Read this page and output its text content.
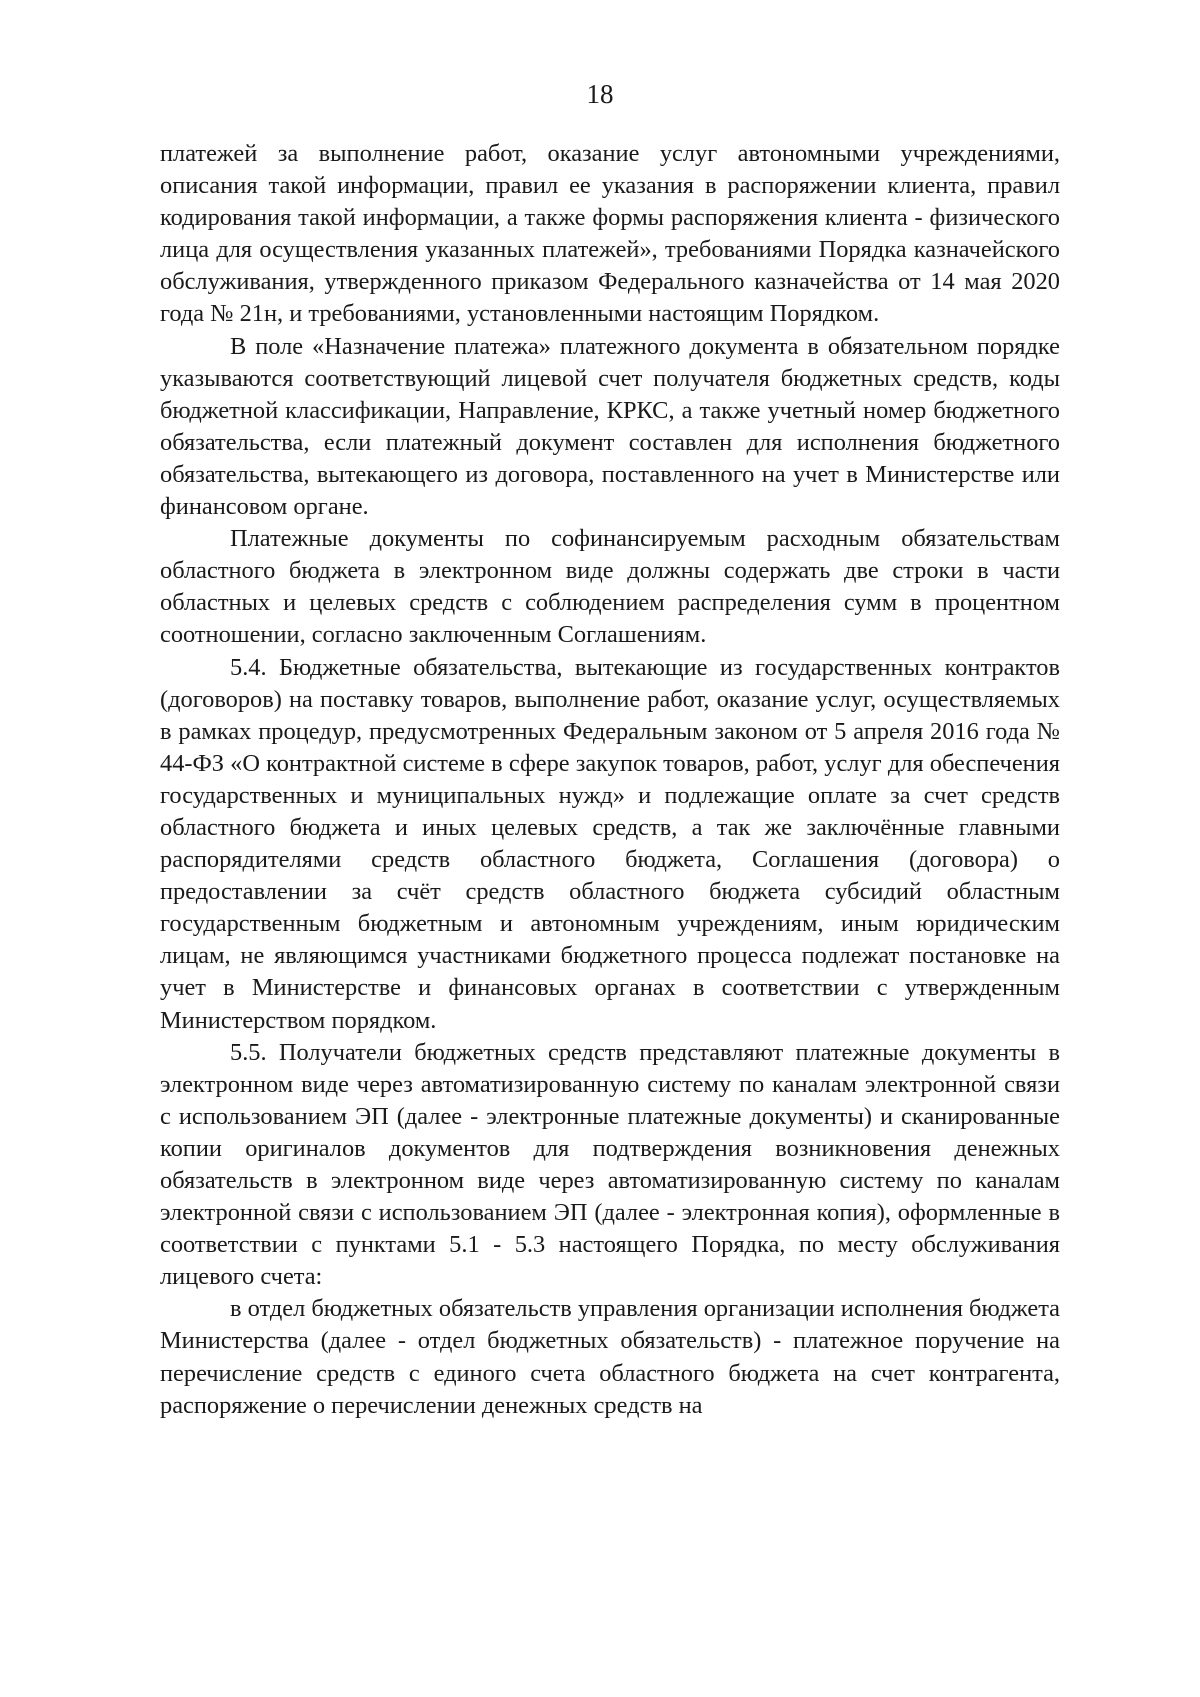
18

платежей за выполнение работ, оказание услуг автономными учреждениями, описания такой информации, правил ее указания в распоряжении клиента, правил кодирования такой информации, а также формы распоряжения клиента - физического лица для осуществления указанных платежей», требованиями Порядка казначейского обслуживания, утвержденного приказом Федерального казначейства от 14 мая 2020 года № 21н, и требованиями, установленными настоящим Порядком.

В поле «Назначение платежа» платежного документа в обязательном порядке указываются соответствующий лицевой счет получателя бюджетных средств, коды бюджетной классификации, Направление, КРКС, а также учетный номер бюджетного обязательства, если платежный документ составлен для исполнения бюджетного обязательства, вытекающего из договора, поставленного на учет в Министерстве или финансовом органе.

Платежные документы по софинансируемым расходным обязательствам областного бюджета в электронном виде должны содержать две строки в части областных и целевых средств с соблюдением распределения сумм в процентном соотношении, согласно заключенным Соглашениям.

5.4. Бюджетные обязательства, вытекающие из государственных контрактов (договоров) на поставку товаров, выполнение работ, оказание услуг, осуществляемых в рамках процедур, предусмотренных Федеральным законом от 5 апреля 2016 года № 44-ФЗ «О контрактной системе в сфере закупок товаров, работ, услуг для обеспечения государственных и муниципальных нужд» и подлежащие оплате за счет средств областного бюджета и иных целевых средств, а так же заключённые главными распорядителями средств областного бюджета, Соглашения (договора) о предоставлении за счёт средств областного бюджета субсидий областным государственным бюджетным и автономным учреждениям, иным юридическим лицам, не являющимся участниками бюджетного процесса подлежат постановке на учет в Министерстве и финансовых органах в соответствии с утвержденным Министерством порядком.

5.5. Получатели бюджетных средств представляют платежные документы в электронном виде через автоматизированную систему по каналам электронной связи с использованием ЭП (далее - электронные платежные документы) и сканированные копии оригиналов документов для подтверждения возникновения денежных обязательств в электронном виде через автоматизированную систему по каналам электронной связи с использованием ЭП (далее - электронная копия), оформленные в соответствии с пунктами 5.1 - 5.3 настоящего Порядка, по месту обслуживания лицевого счета:

в отдел бюджетных обязательств управления организации исполнения бюджета Министерства (далее - отдел бюджетных обязательств) - платежное поручение на перечисление средств с единого счета областного бюджета на счет контрагента, распоряжение о перечислении денежных средств на
